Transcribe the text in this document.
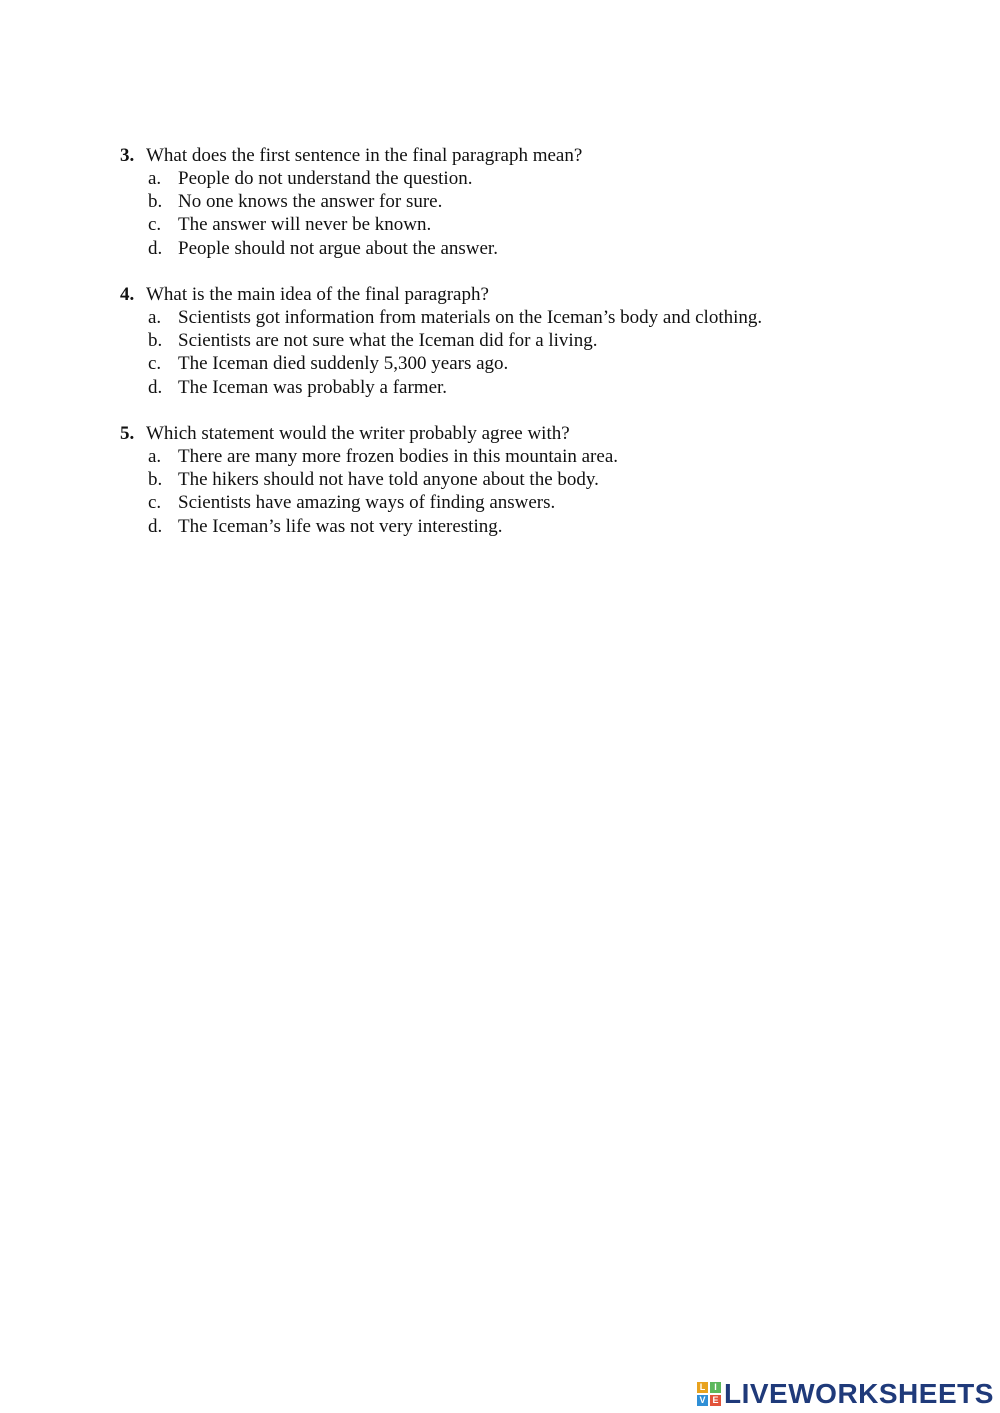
3. What does the first sentence in the final paragraph mean?
a. People do not understand the question.
b. No one knows the answer for sure.
c. The answer will never be known.
d. People should not argue about the answer.
4. What is the main idea of the final paragraph?
a. Scientists got information from materials on the Iceman’s body and clothing.
b. Scientists are not sure what the Iceman did for a living.
c. The Iceman died suddenly 5,300 years ago.
d. The Iceman was probably a farmer.
5. Which statement would the writer probably agree with?
a. There are many more frozen bodies in this mountain area.
b. The hikers should not have told anyone about the body.
c. Scientists have amazing ways of finding answers.
d. The Iceman’s life was not very interesting.
L I
V E LIVEWORKSHEETS
